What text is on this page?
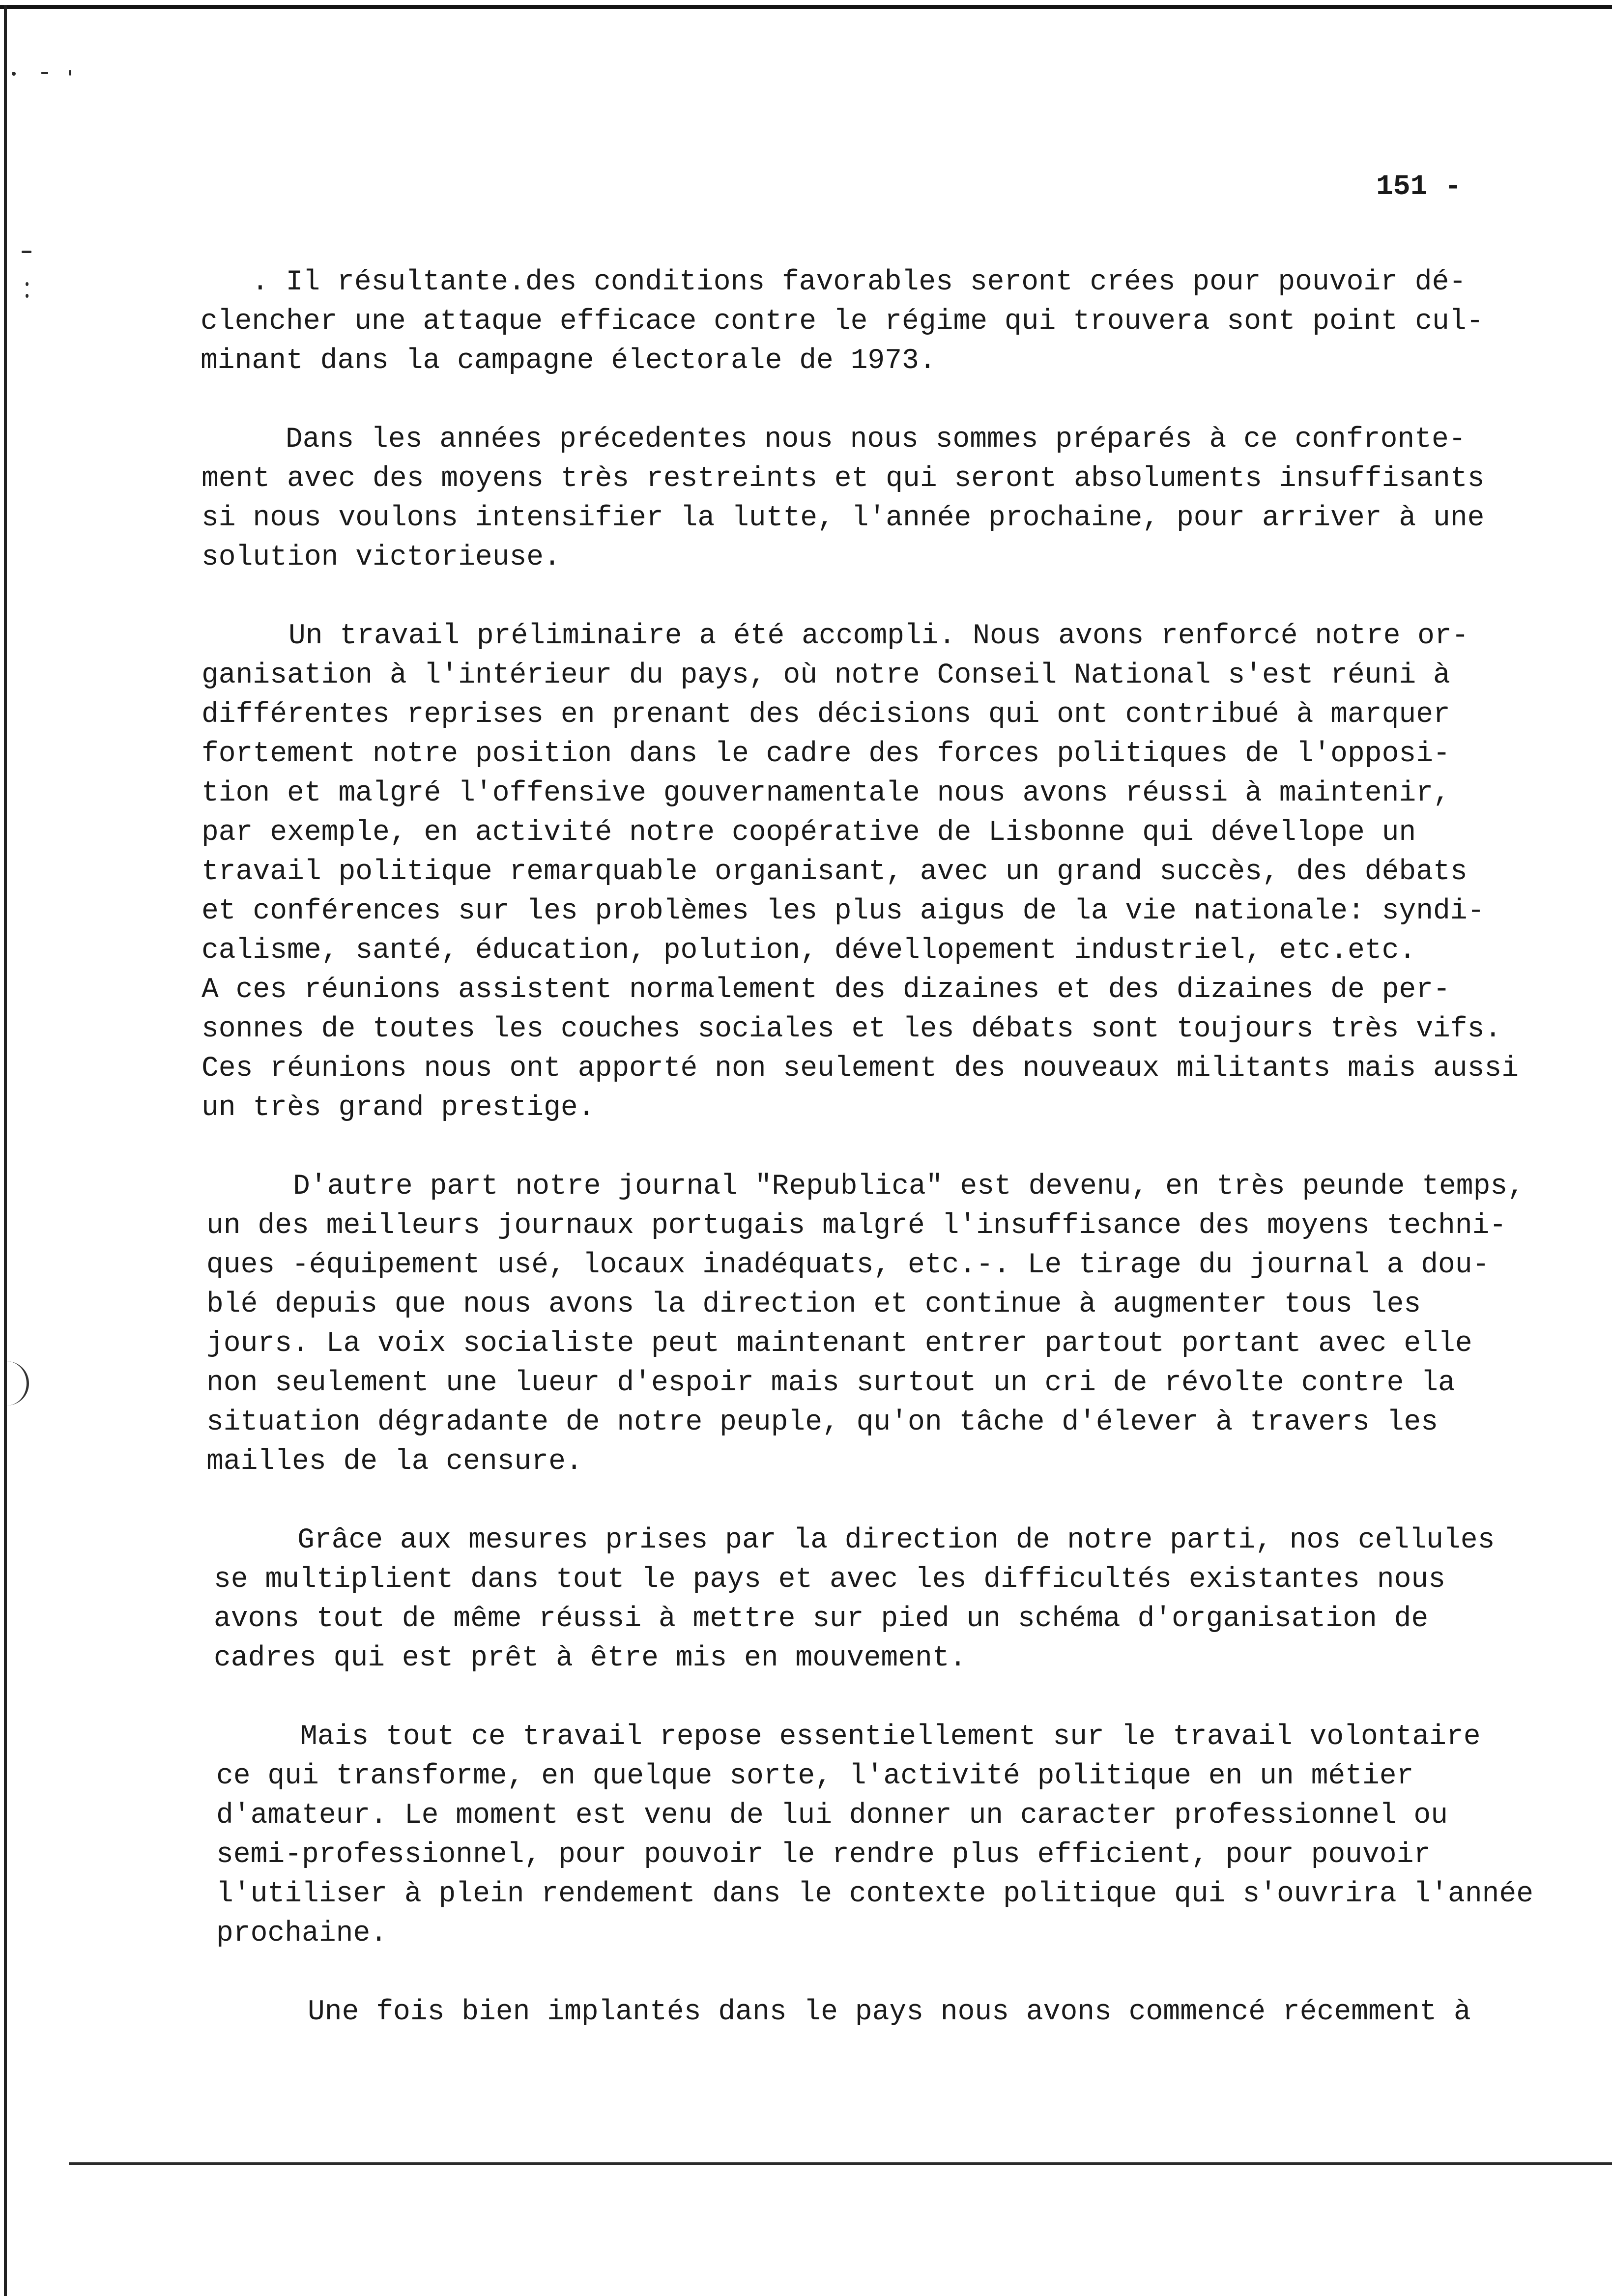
151 -
. Il résultante.des conditions favorables seront crées pour pouvoir dé-
clencher une attaque efficace contre le régime qui trouvera sont point cul-
minant dans la campagne électorale de 1973.
Dans les années précedentes nous nous sommes préparés à ce confronte-
ment avec des moyens très restreints et qui seront absoluments insuffisants
si nous voulons intensifier la lutte, l'année prochaine, pour arriver à une
solution victorieuse.
Un travail préliminaire a été accompli. Nous avons renforcé notre or-
ganisation à l'intérieur du pays, où notre Conseil National s'est réuni à
différentes reprises en prenant des décisions qui ont contribué à marquer
fortement notre position dans le cadre des forces politiques de l'opposi-
tion et malgré l'offensive gouvernamentale nous avons réussi à maintenir,
par exemple, en activité notre coopérative de Lisbonne qui dévellope un
travail politique remarquable organisant, avec un grand succès, des débats
et conférences sur les problèmes les plus aigus de la vie nationale: syndi-
calisme, santé, éducation, polution, dévellopement industriel, etc.etc.
A ces réunions assistent normalement des dizaines et des dizaines de per-
sonnes de toutes les couches sociales et les débats sont toujours très vifs.
Ces réunions nous ont apporté non seulement des nouveaux militants mais aussi
un très grand prestige.
D'autre part notre journal "Republica" est devenu, en très peunde temps,
un des meilleurs journaux portugais malgré l'insuffisance des moyens techni-
ques -équipement usé, locaux inadéquats, etc.-. Le tirage du journal a dou-
blé depuis que nous avons la direction et continue à augmenter tous les
jours. La voix socialiste peut maintenant entrer partout portant avec elle
non seulement une lueur d'espoir mais surtout un cri de révolte contre la
situation dégradante de notre peuple, qu'on tâche d'élever à travers les
mailles de la censure.
Grâce aux mesures prises par la direction de notre parti, nos cellules
se multiplient dans tout le pays et avec les difficultés existantes nous
avons tout de même réussi à mettre sur pied un schéma d'organisation de
cadres qui est prêt à être mis en mouvement.
Mais tout ce travail repose essentiellement sur le travail volontaire
ce qui transforme, en quelque sorte, l'activité politique en un métier
d'amateur. Le moment est venu de lui donner un caracter professionnel ou
semi-professionnel, pour pouvoir le rendre plus efficient, pour pouvoir
l'utiliser à plein rendement dans le contexte politique qui s'ouvrira l'année
prochaine.
Une fois bien implantés dans le pays nous avons commencé récemment à
